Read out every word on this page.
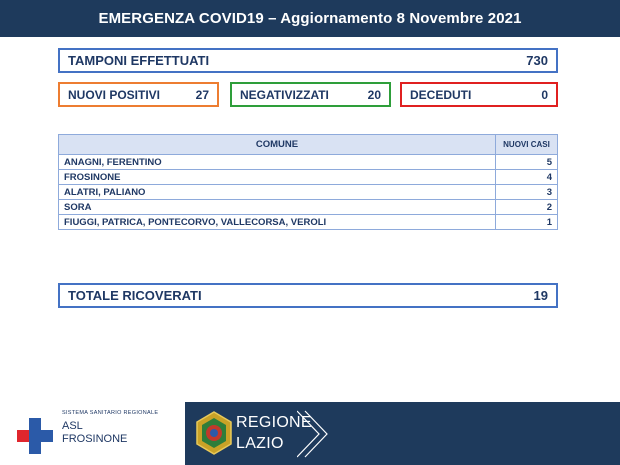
EMERGENZA COVID19 – Aggiornamento 8 Novembre 2021
TAMPONI EFFETTUATI	730
NUOVI POSITIVI	27	NEGATIVIZZATI	20 DECEDUTI	0
COMUNE	NUOVI CASI
ANAGNI, FERENTINO	5
FROSINONE	4
ALATRI, PALIANO	3
SORA	2
FIUGGI, PATRICA, PONTECORVO, VALLECORSA, VEROLI	1
TOTALE RICOVERATI	19
SISTEMA SANITARIO REGIONALE
ASL
FROSINONE
REGIONE
LAZIO
